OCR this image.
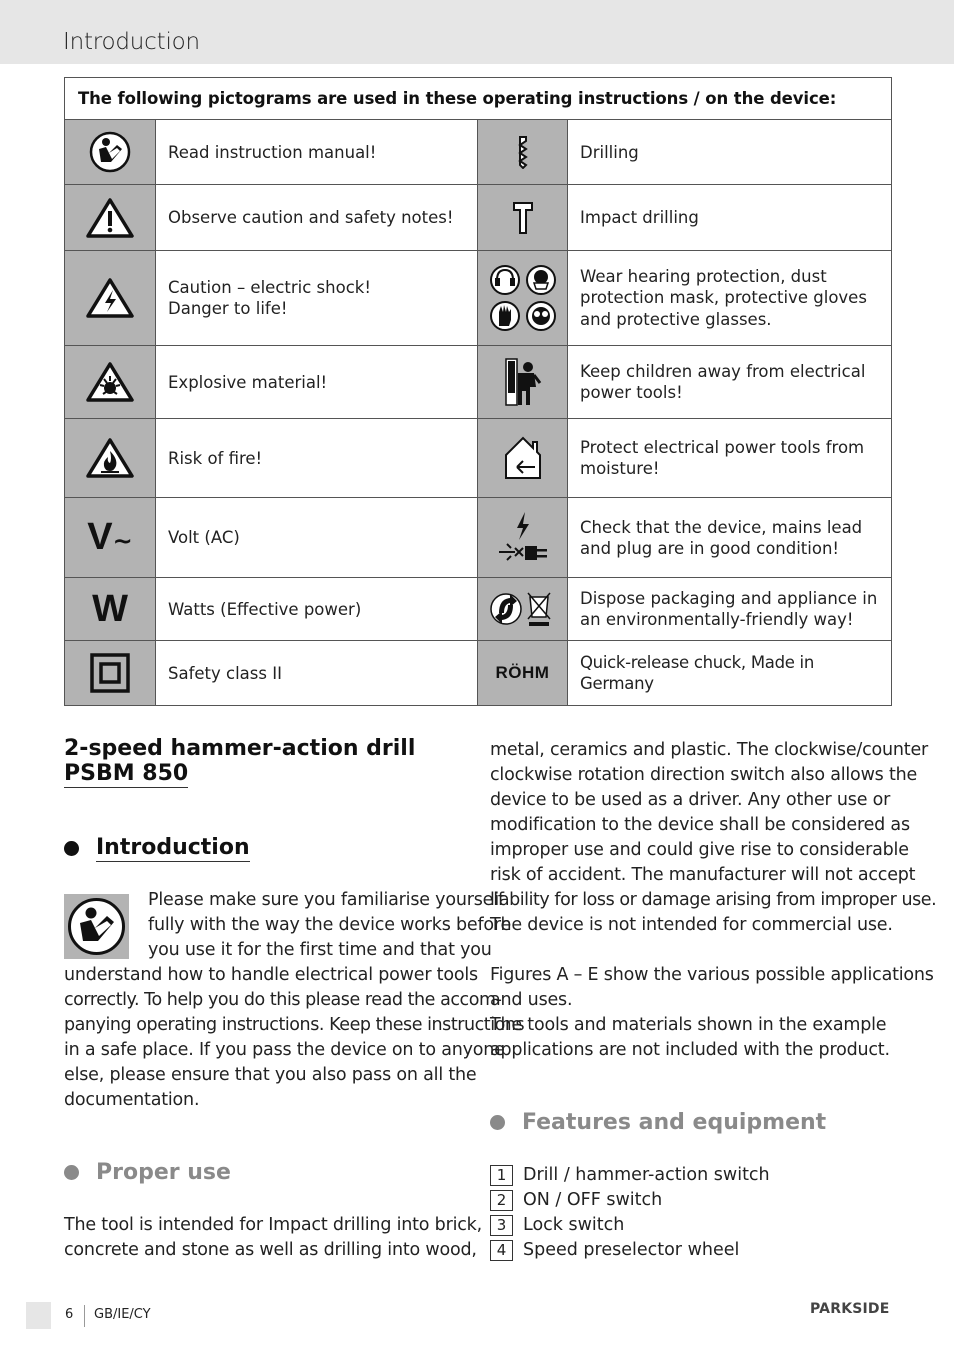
Introduction
The following pictograms are used in these operating instructions / on the device:			

	Read instruction manual!		Drilling

	Observe caution and safety notes!		Impact drilling

	Caution – electric shock!
Danger to life!		Wear hearing protection, dust protection mask, protective gloves and protective glasses.

	Explosive material!		Keep children away from electrical power tools!

	Risk of fire!		Protect electrical power tools from moisture!
V~	Volt (AC)		Check that the device, mains lead and plug are in good condition!
W	Watts (Effective power)		Dispose packaging and appliance in an environmentally-friendly way!

	Safety class II	RÖHM	Quick-release chuck, Made in Germany
2-speed hammer-action drill
PSBM 850
Introduction
Please make sure you familiarise yourself
fully with the way the device works before
you use it for the first time and that you
understand how to handle electrical power tools
correctly. To help you do this please read the accom-
panying operating instructions. Keep these instructions
in a safe place. If you pass the device on to anyone
else, please ensure that you also pass on all the
documentation.
Proper use
The tool is intended for Impact drilling into brick,
concrete and stone as well as drilling into wood,
metal, ceramics and plastic. The clockwise/counter
clockwise rotation direction switch also allows the
device to be used as a driver. Any other use or
modification to the device shall be considered as
improper use and could give rise to considerable
risk of accident. The manufacturer will not accept
liability for loss or damage arising from improper use.
The device is not intended for commercial use.
Figures A – E show the various possible applications
and uses.
The tools and materials shown in the example
applications are not included with the product.
Features and equipment
1 Drill / hammer-action switch
2 ON / OFF switch
3 Lock switch
4 Speed preselector wheel
6 GB/IE/CY	PARKSIDE
